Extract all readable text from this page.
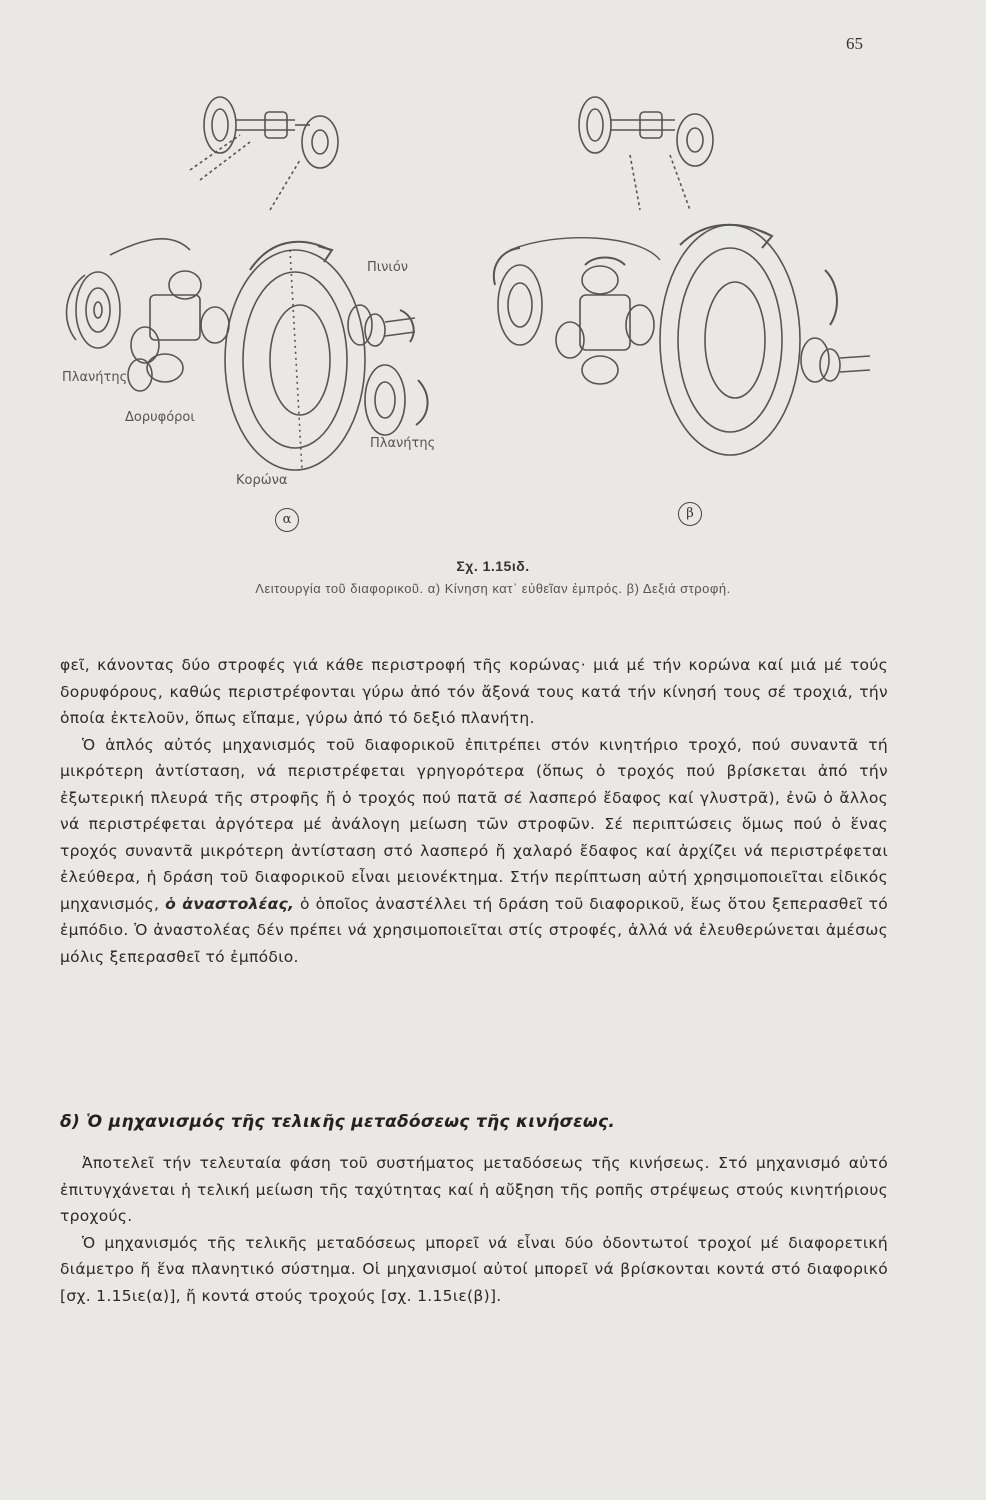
65
Πινιόν
Πλανήτης
Δορυφόροι
Πλανήτης
Κορώνα
α	β
Σχ. 1.15ιδ.
Λειτουργία τοῦ διαφορικοῦ. α) Κίνηση κατ᾽ εὐθεῖαν ἐμπρός. β) Δεξιά στροφή.

φεῖ, κάνοντας δύο στροφές γιά κάθε περιστροφή τῆς κορώνας· μιά μέ τήν κορώνα καί μιά μέ τούς δορυφόρους, καθώς περιστρέφονται γύρω ἀπό τόν ἄξονά τους κατά τήν κίνησή τους σέ τροχιά, τήν ὁποία ἐκτελοῦν, ὅπως εἴπαμε, γύρω ἀπό τό δεξιό πλανήτη.

Ὁ ἁπλός αὐτός μηχανισμός τοῦ διαφορικοῦ ἐπιτρέπει στόν κινητήριο τροχό, πού συναντᾶ τή μικρότερη ἀντίσταση, νά περιστρέφεται γρηγορότερα (ὅπως ὁ τροχός πού βρίσκεται ἀπό τήν ἐξωτερική πλευρά τῆς στροφῆς ἤ ὁ τροχός πού πατᾶ σέ λασπερό ἔδαφος καί γλυστρᾶ), ἐνῶ ὁ ἄλλος νά περιστρέφεται ἀργότερα μέ ἀνάλογη μείωση τῶν στροφῶν. Σέ περιπτώσεις ὅμως πού ὁ ἕνας τροχός συναντᾶ μικρότερη ἀντίσταση στό λασπερό ἤ χαλαρό ἔδαφος καί ἀρχίζει νά περιστρέφεται ἐλεύθερα, ἡ δράση τοῦ διαφορικοῦ εἶναι μειονέκτημα. Στήν περίπτωση αὐτή χρησιμοποιεῖται εἰδικός μηχανισμός, ὁ ἀναστολέας, ὁ ὁποῖος ἀναστέλλει τή δράση τοῦ διαφορικοῦ, ἕως ὅτου ξεπερασθεῖ τό ἐμπόδιο. Ὁ ἀναστολέας δέν πρέπει νά χρησιμοποιεῖται στίς στροφές, ἀλλά νά ἐλευθερώνεται ἀμέσως μόλις ξεπερασθεῖ τό ἐμπόδιο.

δ) Ὁ μηχανισμός τῆς τελικῆς μεταδόσεως τῆς κινήσεως.

Ἀποτελεῖ τήν τελευταία φάση τοῦ συστήματος μεταδόσεως τῆς κινήσεως. Στό μηχανισμό αὐτό ἐπιτυγχάνεται ἡ τελική μείωση τῆς ταχύτητας καί ἡ αὔξηση τῆς ροπῆς στρέψεως στούς κινητήριους τροχούς.

Ὁ μηχανισμός τῆς τελικῆς μεταδόσεως μπορεῖ νά εἶναι δύο ὀδοντωτοί τροχοί μέ διαφορετική διάμετρο ἤ ἕνα πλανητικό σύστημα. Οἱ μηχανισμοί αὐτοί μπορεῖ νά βρίσκονται κοντά στό διαφορικό [σχ. 1.15ιε(α)], ἤ κοντά στούς τροχούς [σχ. 1.15ιε(β)].
